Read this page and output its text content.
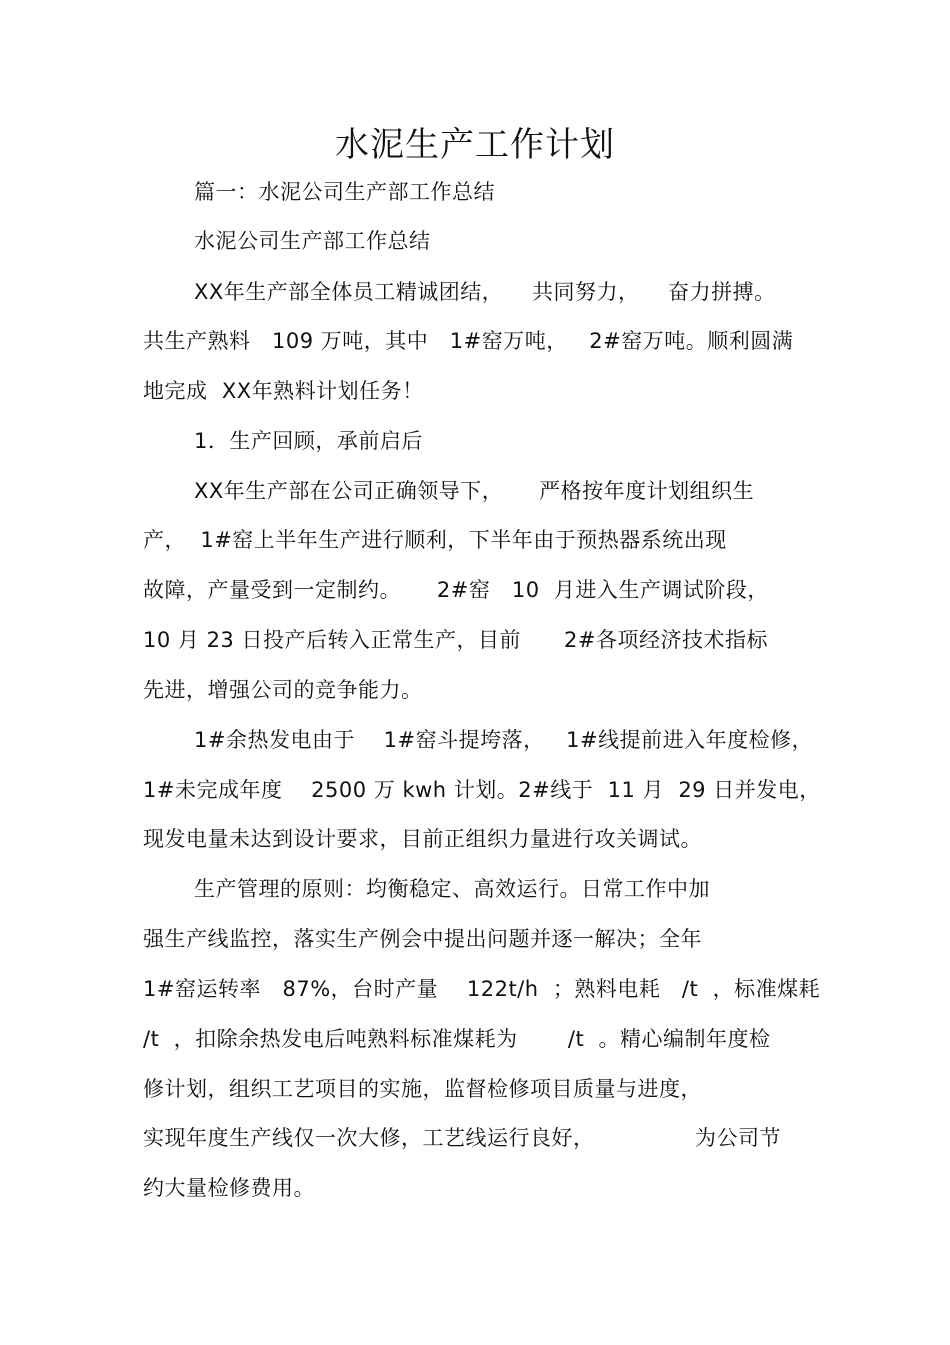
水泥生产工作计划
篇一：水泥公司生产部工作总结
水泥公司生产部工作总结
XX年生产部全体员工精诚团结，    共同努力，    奋力拼搏。
共生产熟料   109 万吨，其中   1#窑万吨，   2#窑万吨。顺利圆满
地完成  XX年熟料计划任务！
1．生产回顾，承前启后
XX年生产部在公司正确领导下，     严格按年度计划组织生
产，  1#窑上半年生产进行顺利，下半年由于预热器系统出现
故障，产量受到一定制约。     2#窑   10  月进入生产调试阶段，
10 月 23 日投产后转入正常生产，目前      2#各项经济技术指标
先进，增强公司的竞争能力。
1#余热发电由于    1#窑斗提垮落，   1#线提前进入年度检修，
1#未完成年度    2500 万 kwh 计划。2#线于  11 月  29 日并发电，
现发电量未达到设计要求，目前正组织力量进行攻关调试。
生产管理的原则：均衡稳定、高效运行。日常工作中加
强生产线监控，落实生产例会中提出问题并逐一解决；全年
1#窑运转率   87%，台时产量    122t/h  ；熟料电耗   /t  ，标准煤耗
/t  ，扣除余热发电后吨熟料标准煤耗为       /t  。精心编制年度检
修计划，组织工艺项目的实施，监督检修项目质量与进度，
实现年度生产线仅一次大修，工艺线运行良好，              为公司节
约大量检修费用。
